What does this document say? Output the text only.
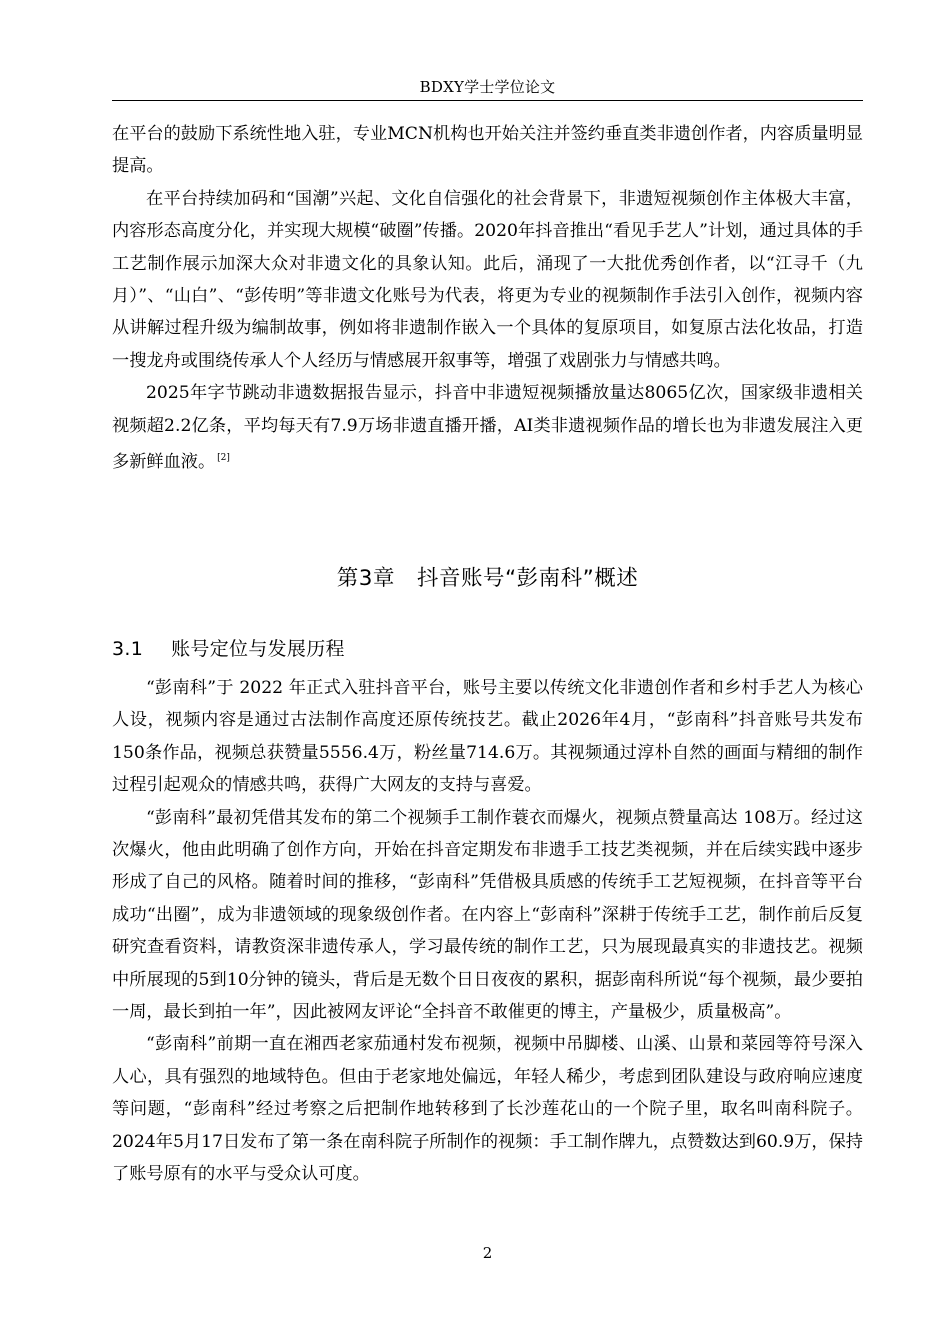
BDXY学士学位论文

在平台的鼓励下系统性地入驻，专业MCN机构也开始关注并签约垂直类非遗创作者，内容质量明显提高。

在平台持续加码和“国潮”兴起、文化自信强化的社会背景下，非遗短视频创作主体极大丰富，内容形态高度分化，并实现大规模“破圈”传播。2020年抖音推出“看见手艺人”计划，通过具体的手工艺制作展示加深大众对非遗文化的具象认知。此后，涌现了一大批优秀创作者，以“江寻千（九月）”、“山白”、“彭传明”等非遗文化账号为代表，将更为专业的视频制作手法引入创作，视频内容从讲解过程升级为编制故事，例如将非遗制作嵌入一个具体的复原项目，如复原古法化妆品，打造一搜龙舟或围绕传承人个人经历与情感展开叙事等，增强了戏剧张力与情感共鸣。

2025年字节跳动非遗数据报告显示，抖音中非遗短视频播放量达8065亿次，国家级非遗相关视频超2.2亿条，平均每天有7.9万场非遗直播开播，AI类非遗视频作品的增长也为非遗发展注入更多新鲜血液。 [2]

第3章 抖音账号“彭南科”概述
3.1 账号定位与发展历程

“彭南科”于 2022 年正式入驻抖音平台，账号主要以传统文化非遗创作者和乡村手艺人为核心人设，视频内容是通过古法制作高度还原传统技艺。截止2026年4月，“彭南科”抖音账号共发布150条作品，视频总获赞量5556.4万，粉丝量714.6万。其视频通过淳朴自然的画面与精细的制作过程引起观众的情感共鸣，获得广大网友的支持与喜爱。

“彭南科”最初凭借其发布的第二个视频手工制作蓑衣而爆火，视频点赞量高达 108万。经过这次爆火，他由此明确了创作方向，开始在抖音定期发布非遗手工技艺类视频，并在后续实践中逐步形成了自己的风格。随着时间的推移，“彭南科”凭借极具质感的传统手工艺短视频，在抖音等平台成功“出圈”，成为非遗领域的现象级创作者。在内容上“彭南科”深耕于传统手工艺，制作前后反复研究查看资料，请教资深非遗传承人，学习最传统的制作工艺，只为展现最真实的非遗技艺。视频中所展现的5到10分钟的镜头，背后是无数个日日夜夜的累积，据彭南科所说“每个视频，最少要拍一周，最长到拍一年”，因此被网友评论“全抖音不敢催更的博主，产量极少，质量极高”。

“彭南科”前期一直在湘西老家茄通村发布视频，视频中吊脚楼、山溪、山景和菜园等符号深入人心，具有强烈的地域特色。但由于老家地处偏远，年轻人稀少，考虑到团队建设与政府响应速度等问题，“彭南科”经过考察之后把制作地转移到了长沙莲花山的一个院子里，取名叫南科院子。2024年5月17日发布了第一条在南科院子所制作的视频：手工制作牌九，点赞数达到60.9万，保持了账号原有的水平与受众认可度。

2
